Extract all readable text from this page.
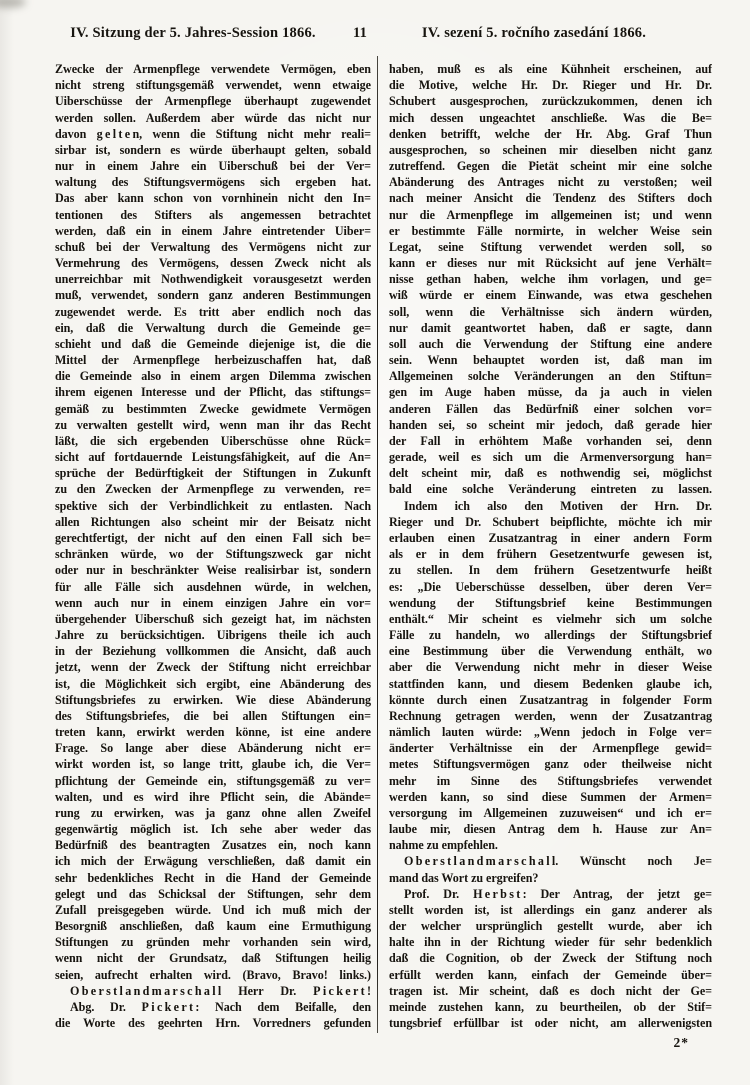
IV. Sitzung der 5. Jahres-Session 1866.	11	IV. sezení 5. ročního zasedání 1866.
Zwecke der Armenpflege verwendete Vermögen, eben
nicht streng stiftungsgemäß verwendet, wenn etwaige
Uiberschüsse der Armenpflege überhaupt zugewendet
werden sollen. Außerdem aber würde das nicht nur
davon g e l t e n, wenn die Stiftung nicht mehr reali=
sirbar ist, sondern es würde überhaupt gelten, sobald
nur in einem Jahre ein Uiberschuß bei der Ver=
waltung des Stiftungsvermögens sich ergeben hat.
Das aber kann schon von vornhinein nicht den In=
tentionen des Stifters als angemessen betrachtet
werden, daß ein in einem Jahre eintretender Uiber=
schuß bei der Verwaltung des Vermögens nicht zur
Vermehrung des Vermögens, dessen Zweck nicht als
unerreichbar mit Nothwendigkeit vorausgesetzt werden
muß, verwendet, sondern ganz anderen Bestimmungen
zugewendet werde. Es tritt aber endlich noch das
ein, daß die Verwaltung durch die Gemeinde ge=
schieht und daß die Gemeinde diejenige ist, die die
Mittel der Armenpflege herbeizuschaffen hat, daß
die Gemeinde also in einem argen Dilemma zwischen
ihrem eigenen Interesse und der Pflicht, das stiftungs=
gemäß zu bestimmten Zwecke gewidmete Vermögen
zu verwalten gestellt wird, wenn man ihr das Recht
läßt, die sich ergebenden Uiberschüsse ohne Rück=
sicht auf fortdauernde Leistungsfähigkeit, auf die An=
sprüche der Bedürftigkeit der Stiftungen in Zukunft
zu den Zwecken der Armenpflege zu verwenden, re=
spektive sich der Verbindlichkeit zu entlasten. Nach
allen Richtungen also scheint mir der Beisatz nicht
gerechtfertigt, der nicht auf den einen Fall sich be=
schränken würde, wo der Stiftungszweck gar nicht
oder nur in beschränkter Weise realisirbar ist, sondern
für alle Fälle sich ausdehnen würde, in welchen,
wenn auch nur in einem einzigen Jahre ein vor=
übergehender Uiberschuß sich gezeigt hat, im nächsten
Jahre zu berücksichtigen. Uibrigens theile ich auch
in der Beziehung vollkommen die Ansicht, daß auch
jetzt, wenn der Zweck der Stiftung nicht erreichbar
ist, die Möglichkeit sich ergibt, eine Abänderung des
Stiftungsbriefes zu erwirken. Wie diese Abänderung
des Stiftungsbriefes, die bei allen Stiftungen ein=
treten kann, erwirkt werden könne, ist eine andere
Frage. So lange aber diese Abänderung nicht er=
wirkt worden ist, so lange tritt, glaube ich, die Ver=
pflichtung der Gemeinde ein, stiftungsgemäß zu ver=
walten, und es wird ihre Pflicht sein, die Abände=
rung zu erwirken, was ja ganz ohne allen Zweifel
gegenwärtig möglich ist. Ich sehe aber weder das
Bedürfniß des beantragten Zusatzes ein, noch kann
ich mich der Erwägung verschließen, daß damit ein
sehr bedenkliches Recht in die Hand der Gemeinde
gelegt und das Schicksal der Stiftungen, sehr dem
Zufall preisgegeben würde. Und ich muß mich der
Besorgniß anschließen, daß kaum eine Ermuthigung
Stiftungen zu gründen mehr vorhanden sein wird,
wenn nicht der Grundsatz, daß Stiftungen heilig
seien, aufrecht erhalten wird. (Bravo, Bravo! links.)
O b e r s t l a n d m a r s c h a l l Herr Dr. P i c k e r t !
Abg. Dr. P i c k e r t : Nach dem Beifalle, den
die Worte des geehrten Hrn. Vorredners gefunden
haben, muß es als eine Kühnheit erscheinen, auf
die Motive, welche Hr. Dr. Rieger und Hr. Dr.
Schubert ausgesprochen, zurückzukommen, denen ich
mich dessen ungeachtet anschließe. Was die Be=
denken betrifft, welche der Hr. Abg. Graf Thun
ausgesprochen, so scheinen mir dieselben nicht ganz
zutreffend. Gegen die Pietät scheint mir eine solche
Abänderung des Antrages nicht zu verstoßen; weil
nach meiner Ansicht die Tendenz des Stifters doch
nur die Armenpflege im allgemeinen ist; und wenn
er bestimmte Fälle normirte, in welcher Weise sein
Legat, seine Stiftung verwendet werden soll, so
kann er dieses nur mit Rücksicht auf jene Verhält=
nisse gethan haben, welche ihm vorlagen, und ge=
wiß würde er einem Einwande, was etwa geschehen
soll, wenn die Verhältnisse sich ändern würden,
nur damit geantwortet haben, daß er sagte, dann
soll auch die Verwendung der Stiftung eine andere
sein. Wenn behauptet worden ist, daß man im
Allgemeinen solche Veränderungen an den Stiftun=
gen im Auge haben müsse, da ja auch in vielen
anderen Fällen das Bedürfniß einer solchen vor=
handen sei, so scheint mir jedoch, daß gerade hier
der Fall in erhöhtem Maße vorhanden sei, denn
gerade, weil es sich um die Armenversorgung han=
delt scheint mir, daß es nothwendig sei, möglichst
bald eine solche Veränderung eintreten zu lassen.
Indem ich also den Motiven der Hrn. Dr.
Rieger und Dr. Schubert beipflichte, möchte ich mir
erlauben einen Zusatzantrag in einer andern Form
als er in dem frühern Gesetzentwurfe gewesen ist,
zu stellen. In dem frühern Gesetzentwurfe heißt
es: „Die Ueberschüsse desselben, über deren Ver=
wendung der Stiftungsbrief keine Bestimmungen
enthält.“ Mir scheint es vielmehr sich um solche
Fälle zu handeln, wo allerdings der Stiftungsbrief
eine Bestimmung über die Verwendung enthält, wo
aber die Verwendung nicht mehr in dieser Weise
stattfinden kann, und diesem Bedenken glaube ich,
könnte durch einen Zusatzantrag in folgender Form
Rechnung getragen werden, wenn der Zusatzantrag
nämlich lauten würde: „Wenn jedoch in Folge ver=
änderter Verhältnisse ein der Armenpflege gewid=
metes Stiftungsvermögen ganz oder theilweise nicht
mehr im Sinne des Stiftungsbriefes verwendet
werden kann, so sind diese Summen der Armen=
versorgung im Allgemeinen zuzuweisen“ und ich er=
laube mir, diesen Antrag dem h. Hause zur An=
nahme zu empfehlen.
O b e r s t l a n d m a r s c h a l l. Wünscht noch Je=
mand das Wort zu ergreifen?
Prof. Dr. H e r b s t : Der Antrag, der jetzt ge=
stellt worden ist, ist allerdings ein ganz anderer als
der welcher ursprünglich gestellt wurde, aber ich
halte ihn in der Richtung wieder für sehr bedenklich
daß die Cognition, ob der Zweck der Stiftung noch
erfüllt werden kann, einfach der Gemeinde über=
tragen ist. Mir scheint, daß es doch nicht der Ge=
meinde zustehen kann, zu beurtheilen, ob der Stif=
tungsbrief erfüllbar ist oder nicht, am allerwenigsten
2*
